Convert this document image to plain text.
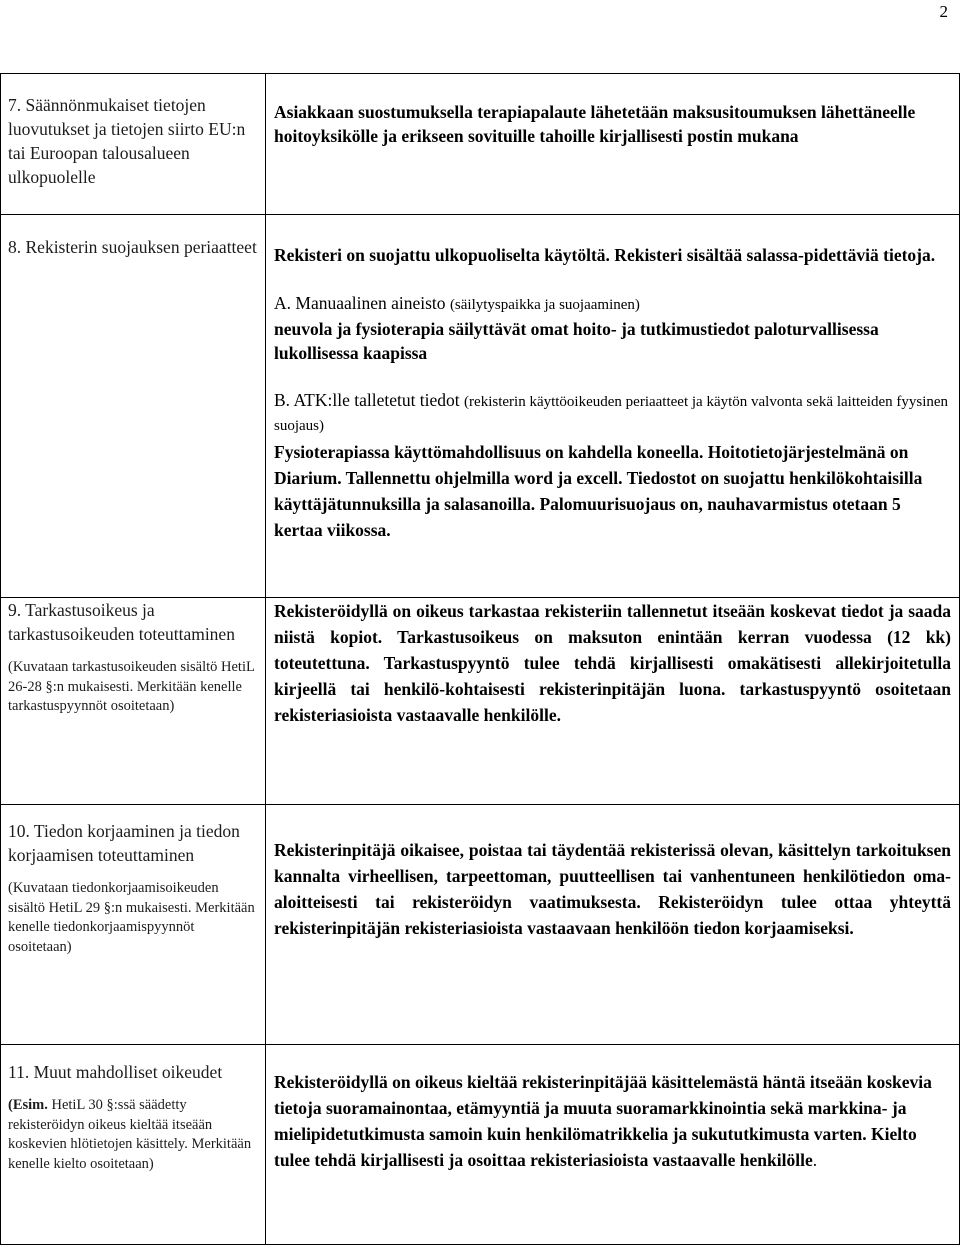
2
7. Säännönmukaiset tietojen luovutukset ja tietojen siirto EU:n tai Euroopan talousalueen ulkopuolelle	Asiakkaan suostumuksella terapiapalaute lähetetään maksusitoumuksen lähettäneelle hoitoyksikölle ja erikseen sovituille tahoille kirjallisesti postin mukana

8. Rekisterin suojauksen periaatteet	Rekisteri on suojattu ulkopuoliselta käytöltä. Rekisteri sisältää salassa-pidettäviä tietoja.

A. Manuaalinen aineisto (säilytyspaikka ja suojaaminen)

neuvola ja fysioterapia säilyttävät omat hoito- ja tutkimustiedot paloturvallisessa lukollisessa kaapissa

B. ATK:lle talletetut tiedot (rekisterin käyttöoikeuden periaatteet ja käytön valvonta sekä laitteiden fyysinen suojaus)

Fysioterapiassa käyttömahdollisuus on kahdella koneella. Hoitotietojärjestelmänä on Diarium. Tallennettu ohjelmilla word ja excell. Tiedostot on suojattu henkilökohtaisilla käyttäjätunnuksilla ja salasanoilla. Palomuurisuojaus on, nauhavarmistus otetaan 5 kertaa viikossa.

9. Tarkastusoikeus ja tarkastusoikeuden toteuttaminen
(Kuvataan tarkastusoikeuden sisältö HetiL 26-28 §:n mukaisesti. Merkitään kenelle tarkastuspyynnöt osoitetaan)	Rekisteröidyllä on oikeus tarkastaa rekisteriin tallennetut itseään koskevat tiedot ja saada niistä kopiot. Tarkastusoikeus on maksuton enintään kerran vuodessa (12 kk) toteutettuna. Tarkastuspyyntö tulee tehdä kirjallisesti omakätisesti allekirjoitetulla kirjeellä tai henkilö-kohtaisesti rekisterinpitäjän luona. tarkastuspyyntö osoitetaan rekisteriasioista vastaavalle henkilölle.

10. Tiedon korjaaminen ja tiedon korjaamisen toteuttaminen
(Kuvataan tiedonkorjaamisoikeuden sisältö HetiL 29 §:n mukaisesti. Merkitään kenelle tiedonkorjaamispyynnöt osoitetaan)	Rekisterinpitäjä oikaisee, poistaa tai täydentää rekisterissä olevan, käsittelyn tarkoituksen kannalta virheellisen, tarpeettoman, puutteellisen tai vanhentuneen henkilötiedon oma-aloitteisesti tai rekisteröidyn vaatimuksesta. Rekisteröidyn tulee ottaa yhteyttä rekisterinpitäjän rekisteriasioista vastaavaan henkilöön tiedon korjaamiseksi.

11. Muut mahdolliset oikeudet
(Esim. HetiL 30 §:ssä säädetty rekisteröidyn oikeus kieltää itseään koskevien hlötietojen käsittely. Merkitään kenelle kielto osoitetaan)	Rekisteröidyllä on oikeus kieltää rekisterinpitäjää käsittelemästä häntä itseään koskevia tietoja suoramainontaa, etämyyntiä ja muuta suoramarkkinointia sekä markkina- ja mielipidetutkimusta samoin kuin henkilömatrikkelia ja sukututkimusta varten. Kielto tulee tehdä kirjallisesti ja osoittaa rekisteriasioista vastaavalle henkilölle.
